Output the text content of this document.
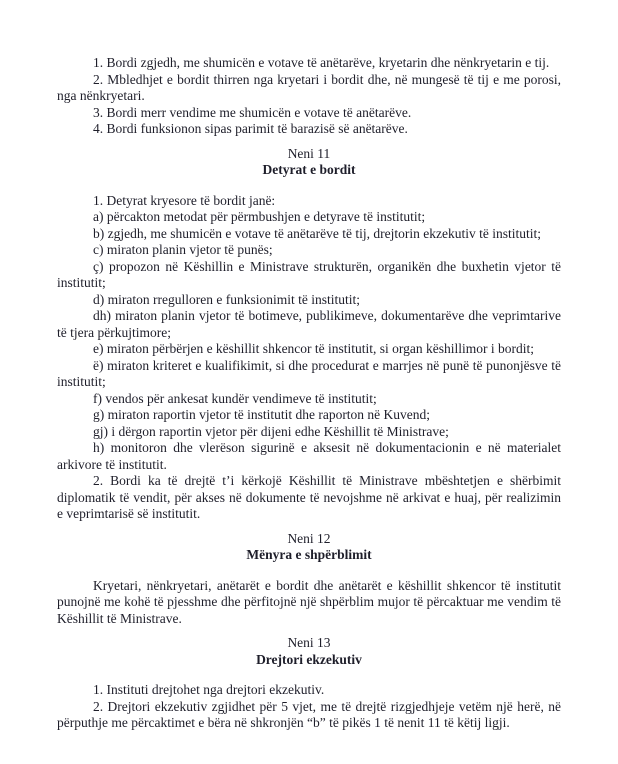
1. Bordi zgjedh, me shumicën e votave të anëtarëve, kryetarin dhe nënkryetarin e tij.

2. Mbledhjet e bordit thirren nga kryetari i bordit dhe, në mungesë të tij e me porosi, nga nënkryetari.

3. Bordi merr vendime me shumicën e votave të anëtarëve.

4. Bordi funksionon sipas parimit të barazisë së anëtarëve.

Neni 11

Detyrat e bordit

1. Detyrat kryesore të bordit janë:

a) përcakton metodat për përmbushjen e detyrave të institutit;

b) zgjedh, me shumicën e votave të anëtarëve të tij, drejtorin ekzekutiv të institutit;

c) miraton planin vjetor të punës;

ç) propozon në Këshillin e Ministrave strukturën, organikën dhe buxhetin vjetor të institutit;

d) miraton rregulloren e funksionimit të institutit;

dh) miraton planin vjetor të botimeve, publikimeve, dokumentarëve dhe veprimtarive të tjera përkujtimore;

e) miraton përbërjen e këshillit shkencor të institutit, si organ këshillimor i bordit;

ë) miraton kriteret e kualifikimit, si dhe procedurat e marrjes në punë të punonjësve të institutit;

f) vendos për ankesat kundër vendimeve të institutit;

g) miraton raportin vjetor të institutit dhe raporton në Kuvend;

gj) i dërgon raportin vjetor për dijeni edhe Këshillit të Ministrave;

h) monitoron dhe vlerëson sigurinë e aksesit në dokumentacionin e në materialet arkivore të institutit.

2. Bordi ka të drejtë t’i kërkojë Këshillit të Ministrave mbështetjen e shërbimit diplomatik të vendit, për akses në dokumente të nevojshme në arkivat e huaj, për realizimin e veprimtarisë së institutit.

Neni 12

Mënyra e shpërblimit

Kryetari, nënkryetari, anëtarët e bordit dhe anëtarët e këshillit shkencor të institutit punojnë me kohë të pjesshme dhe përfitojnë një shpërblim mujor të përcaktuar me vendim të Këshillit të Ministrave.

Neni 13

Drejtori ekzekutiv

1. Instituti drejtohet nga drejtori ekzekutiv.

2. Drejtori ekzekutiv zgjidhet për 5 vjet, me të drejtë rizgjedhjeje vetëm një herë, në përputhje me përcaktimet e bëra në shkronjën “b” të pikës 1 të nenit 11 të këtij ligji.
